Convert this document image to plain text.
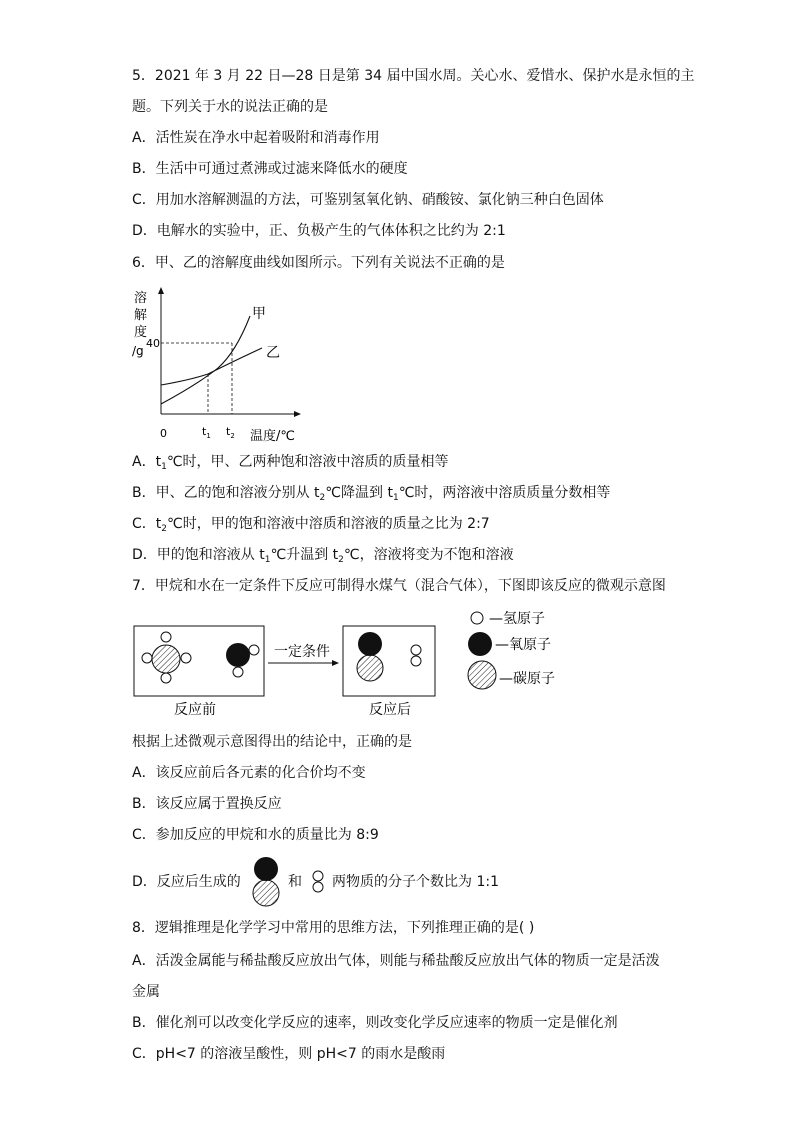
5．2021 年 3 月 22 日—28 日是第 34 届中国水周。关心水、爱惜水、保护水是永恒的主
题。下列关于水的说法正确的是
A．活性炭在净水中起着吸附和消毒作用
B．生活中可通过煮沸或过滤来降低水的硬度
C．用加水溶解测温的方法，可鉴别氢氧化钠、硝酸铵、氯化钠三种白色固体
D．电解水的实验中，正、负极产生的气体体积之比约为 2:1
6．甲、乙的溶解度曲线如图所示。下列有关说法不正确的是
溶
解
度
/g
40
甲
乙
0	$t_1$ $t_2$ 温度/℃
A．$t_1℃$时，甲、乙两种饱和溶液中溶质的质量相等
B．甲、乙的饱和溶液分别从 $t_2℃$降温到 $t_1℃$时，两溶液中溶质质量分数相等
C．$t_2℃$时，甲的饱和溶液中溶质和溶液的质量之比为 2:7
D．甲的饱和溶液从 $t_1℃$升温到 $t_2℃$，溶液将变为不饱和溶液
7．甲烷和水在一定条件下反应可制得水煤气（混合气体），下图即该反应的微观示意图
反应前
一定条件
反应后
—氢原子
—氧原子
—碳原子
根据上述微观示意图得出的结论中，正确的是
A．该反应前后各元素的化合价均不变
B．该反应属于置换反应
C．参加反应的甲烷和水的质量比为 8:9
D．反应后生成的	和 两物质的分子个数比为 1:1
8．逻辑推理是化学学习中常用的思维方法，下列推理正确的是( )
A．活泼金属能与稀盐酸反应放出气体，则能与稀盐酸反应放出气体的物质一定是活泼
金属
B．催化剂可以改变化学反应的速率，则改变化学反应速率的物质一定是催化剂
C．pH<7 的溶液呈酸性，则 pH<7 的雨水是酸雨
